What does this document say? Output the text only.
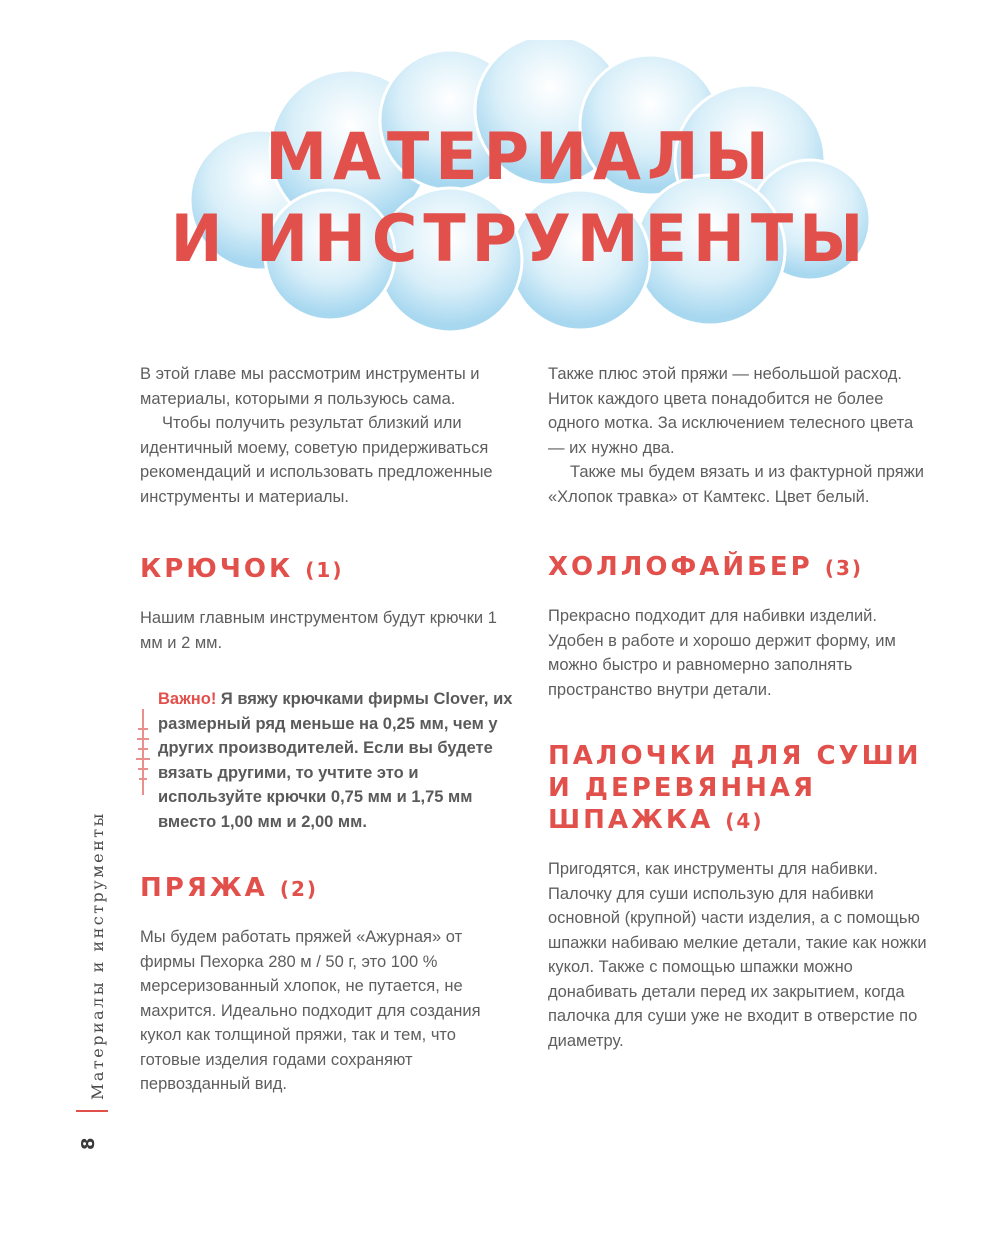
МАТЕРИАЛЫ
И ИНСТРУМЕНТЫ

В этой главе мы рассмотрим инструменты и материалы, которыми я пользуюсь сама.

Чтобы получить результат близкий или идентичный моему, советую придерживаться рекомендаций и использовать предложенные инструменты и материалы.

КРЮЧОК (1)

Нашим главным инструментом будут крючки 1 мм и 2 мм.

Важно! Я вяжу крючками фирмы Clover, их размерный ряд меньше на 0,25 мм, чем у других производителей. Если вы будете вязать другими, то учтите это и используйте крючки 0,75 мм и 1,75 мм вместо 1,00 мм и 2,00 мм.
ПРЯЖА (2)

Мы будем работать пряжей «Ажурная» от фирмы Пехорка 280 м / 50 г, это 100 % мерсеризованный хлопок, не путается, не махрится. Идеально подходит для создания кукол как толщиной пряжи, так и тем, что готовые изделия годами сохраняют первозданный вид.

Также плюс этой пряжи — небольшой расход. Ниток каждого цвета понадобится не более одного мотка. За исключением телесного цвета — их нужно два.

Также мы будем вязать и из фактурной пряжи «Хлопок травка» от Камтекс. Цвет белый.

ХОЛЛОФАЙБЕР (3)

Прекрасно подходит для набивки изделий. Удобен в работе и хорошо держит форму, им можно быстро и равномерно заполнять пространство внутри детали.

ПАЛОЧКИ ДЛЯ СУШИ И ДЕРЕВЯННАЯ ШПАЖКА (4)

Пригодятся, как инструменты для набивки. Палочку для суши использую для набивки основной (крупной) части изделия, а с помощью шпажки набиваю мелкие детали, такие как ножки кукол. Также с помощью шпажки можно донабивать детали перед их закрытием, когда палочка для суши уже не входит в отверстие по диаметру.

Материалы и инструменты
8
